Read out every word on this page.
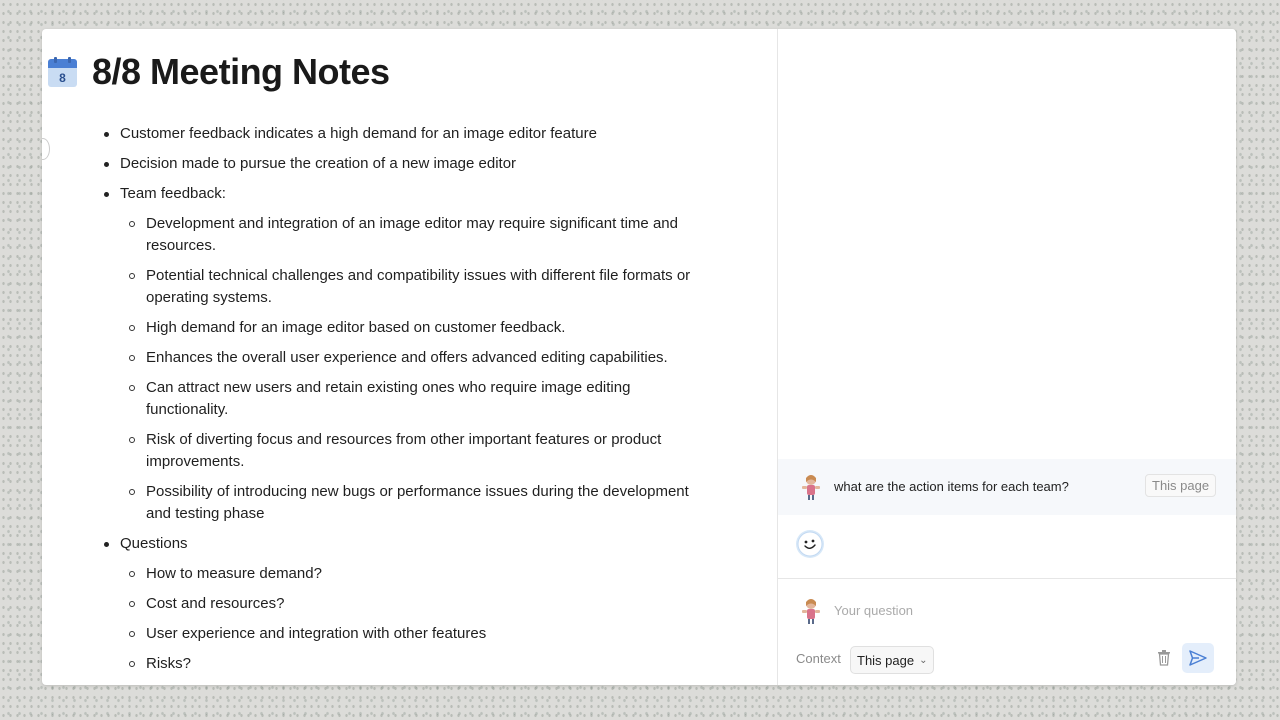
8 8/8 Meeting Notes
Customer feedback indicates a high demand for an image editor feature
Decision made to pursue the creation of a new image editor
Team feedback:
Development and integration of an image editor may require significant time and resources.
Potential technical challenges and compatibility issues with different file formats or operating systems.
High demand for an image editor based on customer feedback.
Enhances the overall user experience and offers advanced editing capabilities.
Can attract new users and retain existing ones who require image editing functionality.
Risk of diverting focus and resources from other important features or product improvements.
Possibility of introducing new bugs or performance issues during the development and testing phase
Questions
How to measure demand?
Cost and resources?
User experience and integration with other features
Risks?
what are the action items for each team?	This page
Your question
Context This page ⌄
